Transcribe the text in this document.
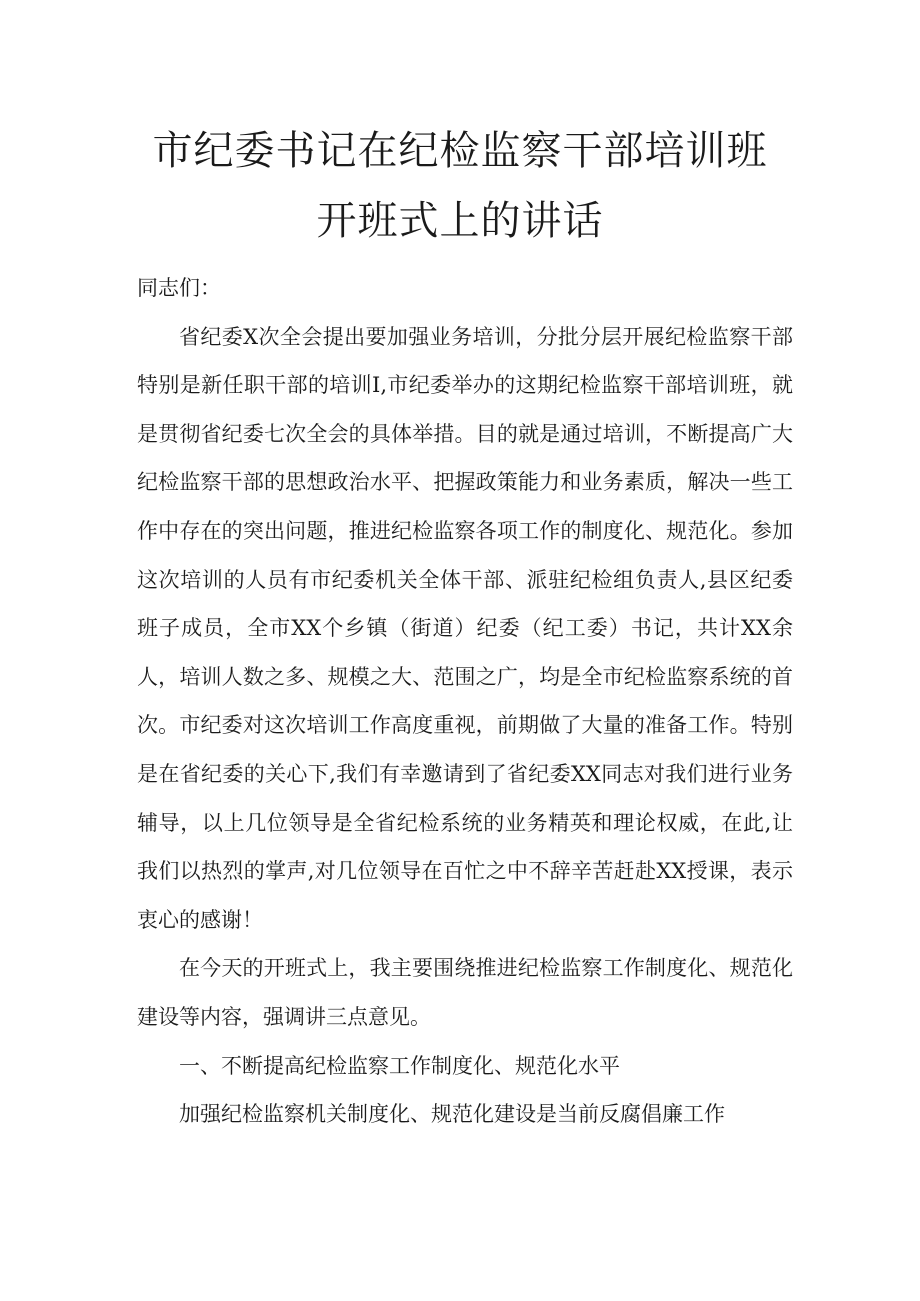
市纪委书记在纪检监察干部培训班
开班式上的讲话

同志们：

省纪委X次全会提出要加强业务培训，分批分层开展纪检监察干部特别是新任职干部的培训I,市纪委举办的这期纪检监察干部培训班，就是贯彻省纪委七次全会的具体举措。目的就是通过培训，不断提高广大纪检监察干部的思想政治水平、把握政策能力和业务素质，解决一些工作中存在的突出问题，推进纪检监察各项工作的制度化、规范化。参加这次培训的人员有市纪委机关全体干部、派驻纪检组负责人,县区纪委班子成员，全市XX个乡镇（街道）纪委（纪工委）书记，共计XX余人，培训人数之多、规模之大、范围之广，均是全市纪检监察系统的首次。市纪委对这次培训工作高度重视，前期做了大量的准备工作。特别是在省纪委的关心下,我们有幸邀请到了省纪委XX同志对我们进行业务辅导，以上几位领导是全省纪检系统的业务精英和理论权威，在此,让我们以热烈的掌声,对几位领导在百忙之中不辞辛苦赶赴XX授课，表示衷心的感谢！

在今天的开班式上，我主要围绕推进纪检监察工作制度化、规范化建设等内容，强调讲三点意见。

一、不断提高纪检监察工作制度化、规范化水平

加强纪检监察机关制度化、规范化建设是当前反腐倡廉工作
